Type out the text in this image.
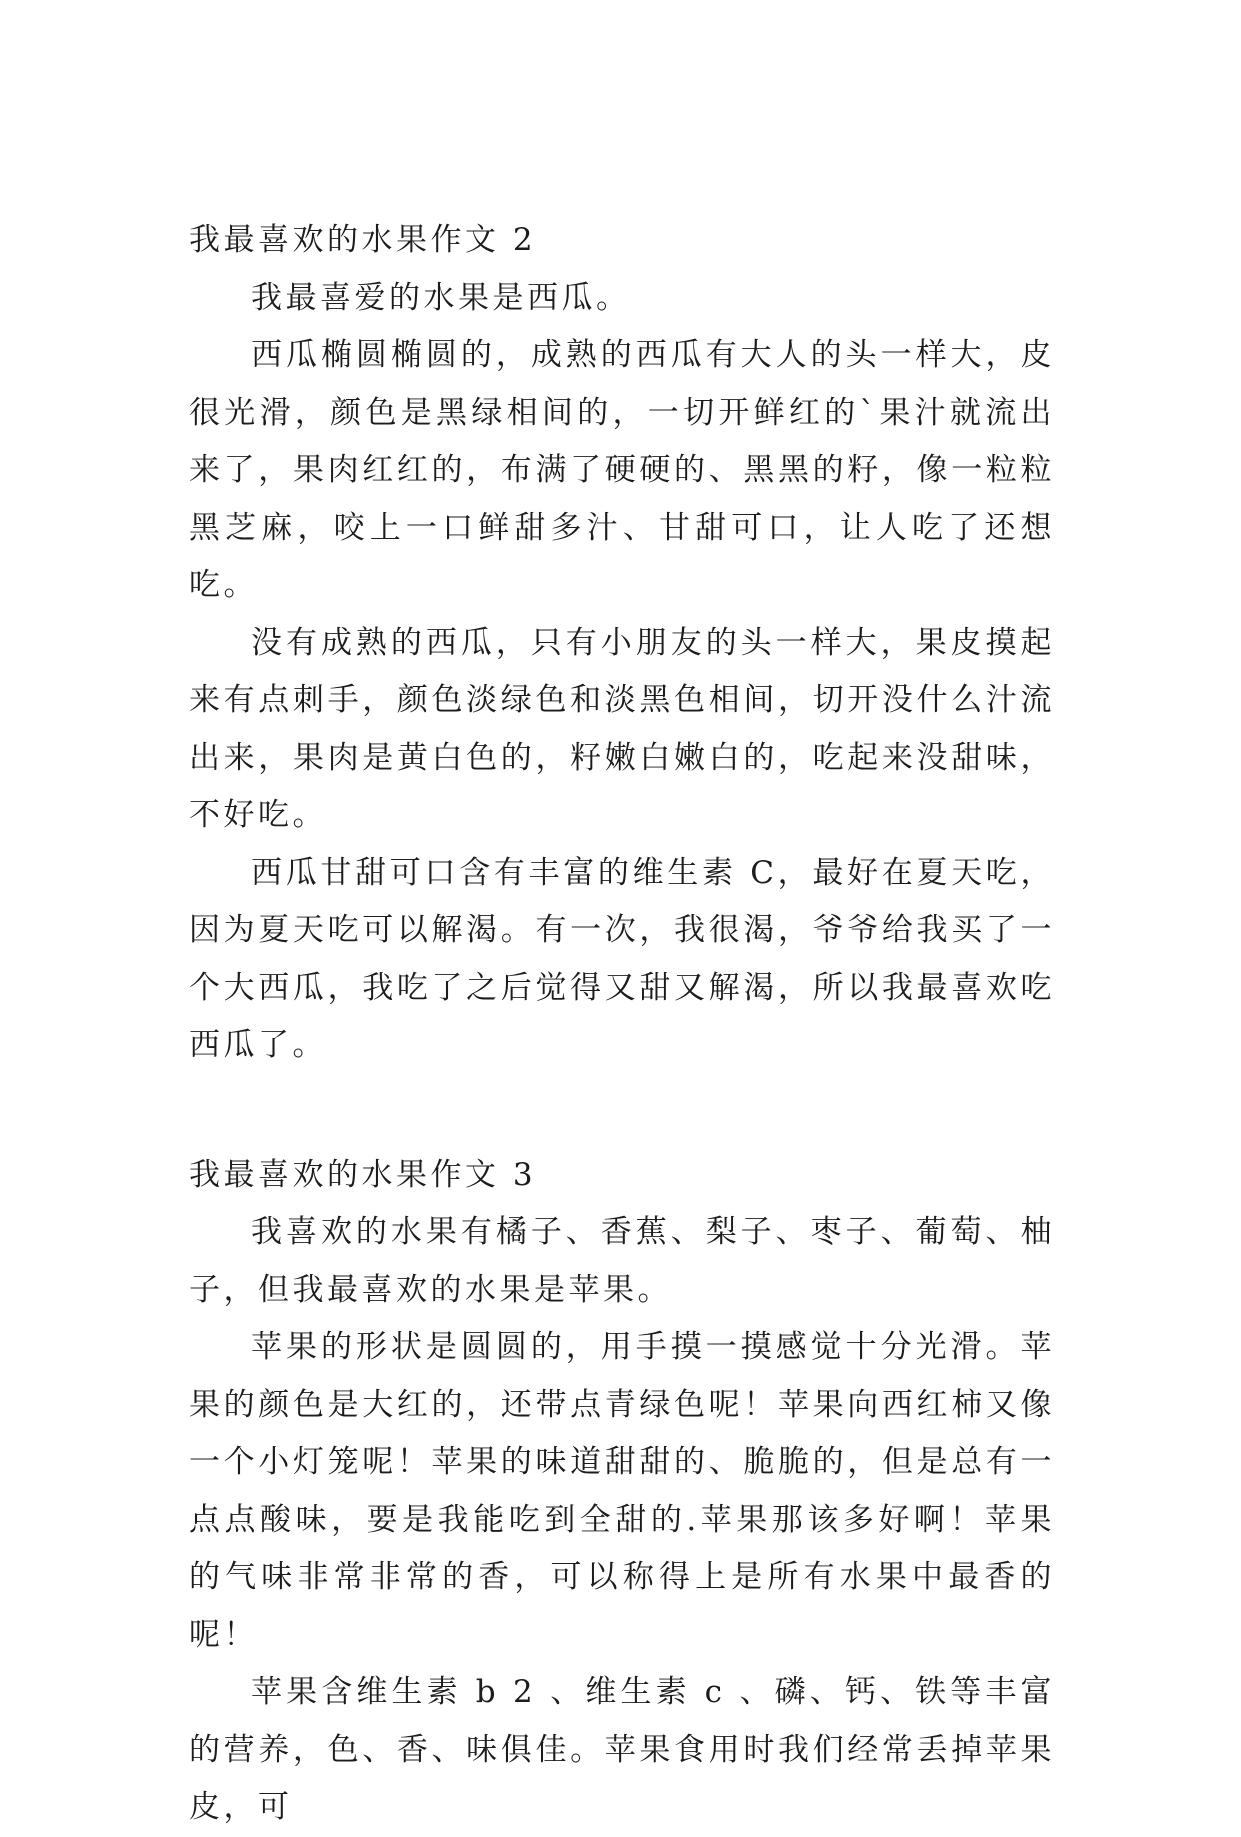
我最喜欢的水果作文 2

我最喜爱的水果是西瓜。

西瓜椭圆椭圆的，成熟的西瓜有大人的头一样大，皮很光滑，颜色是黑绿相间的，一切开鲜红的`果汁就流出来了，果肉红红的，布满了硬硬的、黑黑的籽，像一粒粒黑芝麻，咬上一口鲜甜多汁、甘甜可口，让人吃了还想吃。

没有成熟的西瓜，只有小朋友的头一样大，果皮摸起来有点刺手，颜色淡绿色和淡黑色相间，切开没什么汁流出来，果肉是黄白色的，籽嫩白嫩白的，吃起来没甜味，不好吃。

西瓜甘甜可口含有丰富的维生素 C，最好在夏天吃，因为夏天吃可以解渴。有一次，我很渴，爷爷给我买了一个大西瓜，我吃了之后觉得又甜又解渴，所以我最喜欢吃西瓜了。

我最喜欢的水果作文 3

我喜欢的水果有橘子、香蕉、梨子、枣子、葡萄、柚子，但我最喜欢的水果是苹果。

苹果的形状是圆圆的，用手摸一摸感觉十分光滑。苹果的颜色是大红的，还带点青绿色呢！苹果向西红柿又像一个小灯笼呢！苹果的味道甜甜的、脆脆的，但是总有一点点酸味，要是我能吃到全甜的.苹果那该多好啊！苹果的气味非常非常的香，可以称得上是所有水果中最香的呢！

苹果含维生素 b 2 、维生素 c 、磷、钙、铁等丰富的营养，色、香、味俱佳。苹果食用时我们经常丢掉苹果皮，可
